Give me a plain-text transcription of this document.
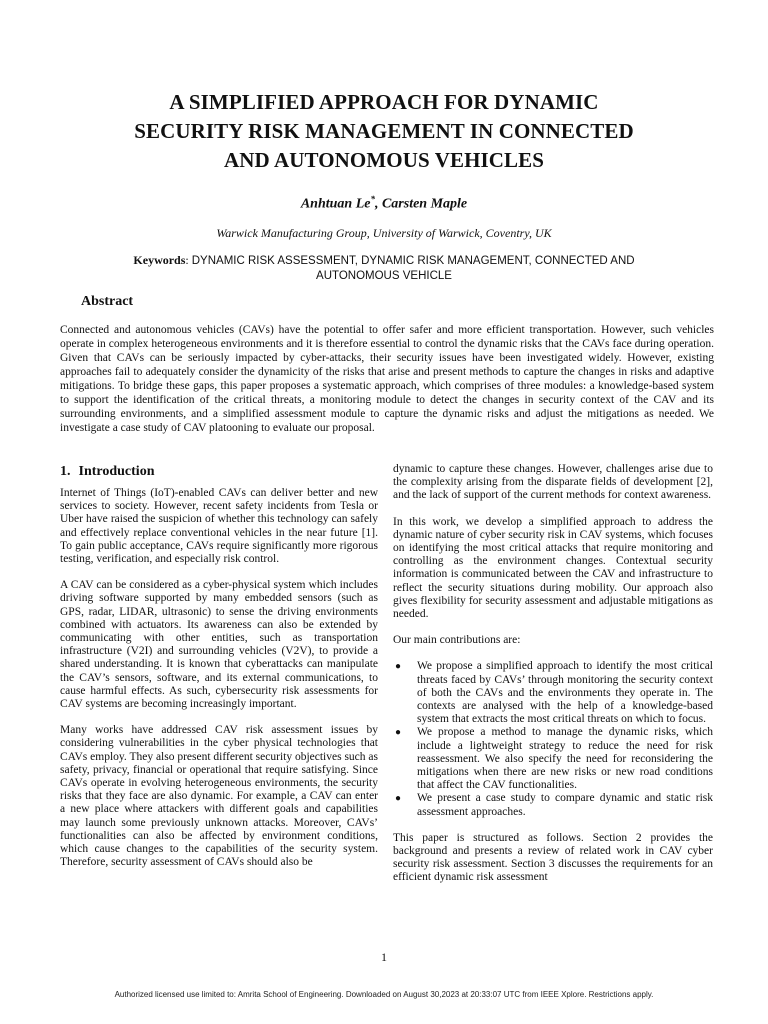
A SIMPLIFIED APPROACH FOR DYNAMIC
SECURITY RISK MANAGEMENT IN CONNECTED
AND AUTONOMOUS VEHICLES
Anhtuan Le*, Carsten Maple
Warwick Manufacturing Group, University of Warwick, Coventry, UK
Keywords: DYNAMIC RISK ASSESSMENT, DYNAMIC RISK MANAGEMENT, CONNECTED AND AUTONOMOUS VEHICLE
Abstract

Connected and autonomous vehicles (CAVs) have the potential to offer safer and more efficient transportation. However, such vehicles operate in complex heterogeneous environments and it is therefore essential to control the dynamic risks that the CAVs face during operation. Given that CAVs can be seriously impacted by cyber-attacks, their security issues have been investigated widely. However, existing approaches fail to adequately consider the dynamicity of the risks that arise and present methods to capture the changes in risks and adaptive mitigations. To bridge these gaps, this paper proposes a systematic approach, which comprises of three modules: a knowledge-based system to support the identification of the critical threats, a monitoring module to detect the changes in security context of the CAV and its surrounding environments, and a simplified assessment module to capture the dynamic risks and adjust the mitigations as needed. We investigate a case study of CAV platooning to evaluate our proposal.

1. Introduction

Internet of Things (IoT)-enabled CAVs can deliver better and new services to society. However, recent safety incidents from Tesla or Uber have raised the suspicion of whether this technology can safely and effectively replace conventional vehicles in the near future [1]. To gain public acceptance, CAVs require significantly more rigorous testing, verification, and especially risk control.

A CAV can be considered as a cyber-physical system which includes driving software supported by many embedded sensors (such as GPS, radar, LIDAR, ultrasonic) to sense the driving environments combined with actuators. Its awareness can also be extended by communicating with other entities, such as transportation infrastructure (V2I) and surrounding vehicles (V2V), to provide a shared understanding. It is known that cyberattacks can manipulate the CAV’s sensors, software, and its external communications, to cause harmful effects. As such, cybersecurity risk assessments for CAV systems are becoming increasingly important.

Many works have addressed CAV risk assessment issues by considering vulnerabilities in the cyber physical technologies that CAVs employ. They also present different security objectives such as safety, privacy, financial or operational that require satisfying. Since CAVs operate in evolving heterogeneous environments, the security risks that they face are also dynamic. For example, a CAV can enter a new place where attackers with different goals and capabilities may launch some previously unknown attacks. Moreover, CAVs’ functionalities can also be affected by environment conditions, which cause changes to the capabilities of the security system. Therefore, security assessment of CAVs should also be

dynamic to capture these changes. However, challenges arise due to the complexity arising from the disparate fields of development [2], and the lack of support of the current methods for context awareness.

In this work, we develop a simplified approach to address the dynamic nature of cyber security risk in CAV systems, which focuses on identifying the most critical attacks that require monitoring and controlling as the environment changes. Contextual security information is communicated between the CAV and infrastructure to reflect the security situations during mobility. Our approach also gives flexibility for security assessment and adjustable mitigations as needed.

Our main contributions are:

● We propose a simplified approach to identify the most critical threats faced by CAVs’ through monitoring the security context of both the CAVs and the environments they operate in. The contexts are analysed with the help of a knowledge-based system that extracts the most critical threats on which to focus.
● We propose a method to manage the dynamic risks, which include a lightweight strategy to reduce the need for risk reassessment. We also specify the need for reconsidering the mitigations when there are new risks or new road conditions that affect the CAV functionalities.
● We present a case study to compare dynamic and static risk assessment approaches.

This paper is structured as follows. Section 2 provides the background and presents a review of related work in CAV cyber security risk assessment. Section 3 discusses the requirements for an efficient dynamic risk assessment

1
Authorized licensed use limited to: Amrita School of Engineering. Downloaded on August 30,2023 at 20:33:07 UTC from IEEE Xplore. Restrictions apply.
